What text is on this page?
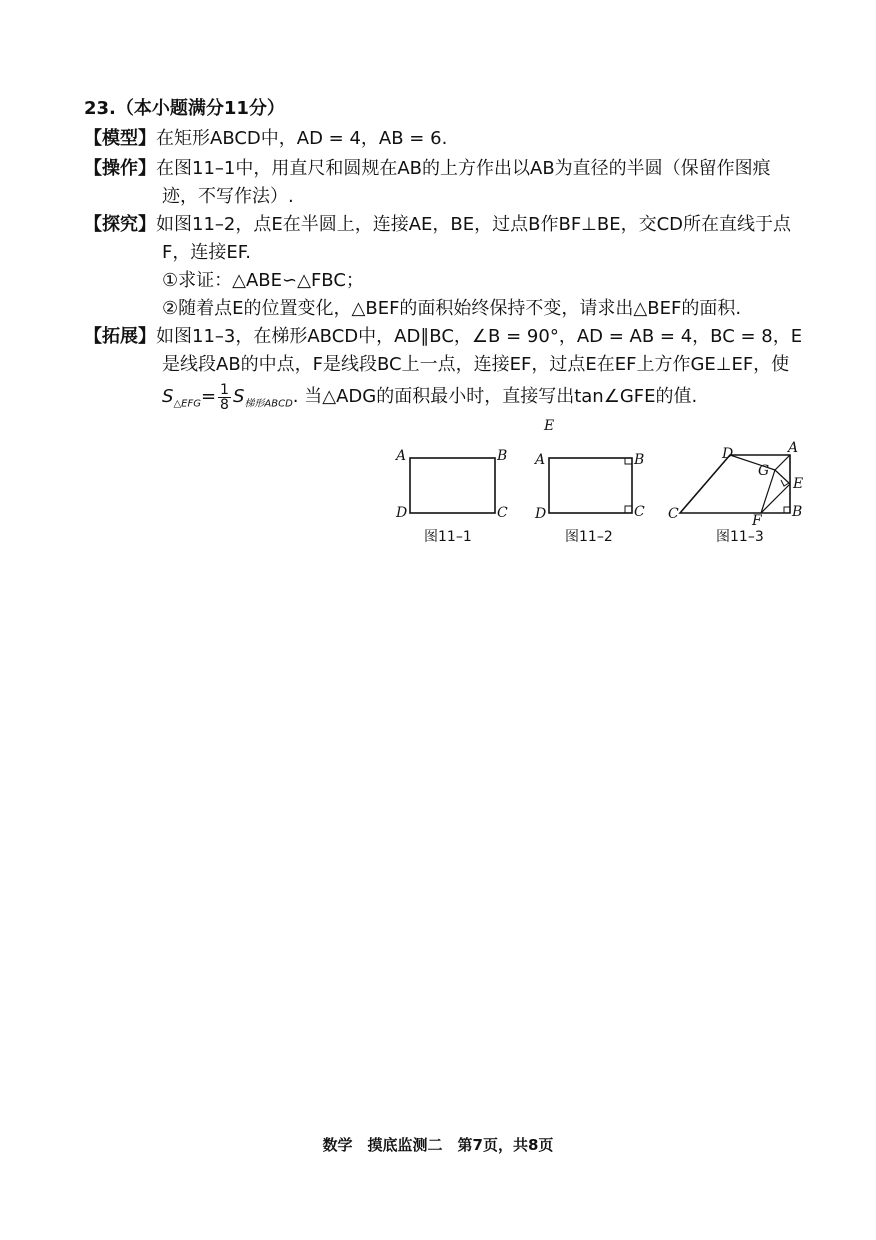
23.（本小题满分11分）
【模型】在矩形ABCD中，AD = 4，AB = 6.
【操作】在图11–1中，用直尺和圆规在AB的上方作出以AB为直径的半圆（保留作图痕
迹，不写作法）.
【探究】如图11–2，点E在半圆上，连接AE，BE，过点B作BF⊥BE，交CD所在直线于点
F，连接EF.
①求证：△ABE∽△FBC；
②随着点E的位置变化，△BEF的面积始终保持不变，请求出△BEF的面积.
【拓展】如图11–3，在梯形ABCD中，AD∥BC，∠B = 90°，AD = AB = 4，BC = 8，E
是线段AB的中点，F是线段BC上一点，连接EF，过点E在EF上方作GE⊥EF，使
$S_{\triangle EFG}= \frac{1}{8} S_{梯形ABCD}$. 当△ADG的面积最小时，直接写出tan∠GFE的值.
A	B
C
D
E
A	B
C
D
D	A
G
E
C	F
B
图11–1	图11–2	图11–3
数学　摸底监测二　第7页，共8页
